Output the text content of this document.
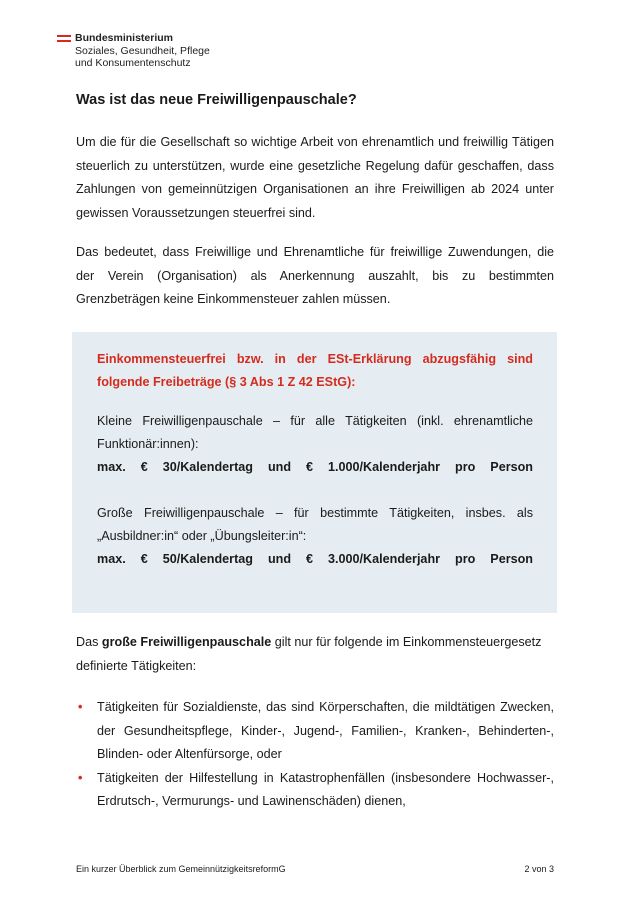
Bundesministerium
Soziales, Gesundheit, Pflege
und Konsumentenschutz
Was ist das neue Freiwilligenpauschale?

Um die für die Gesellschaft so wichtige Arbeit von ehrenamtlich und freiwillig Tätigen steuerlich zu unterstützen, wurde eine gesetzliche Regelung dafür geschaffen, dass Zahlungen von gemeinnützigen Organisationen an ihre Freiwilligen ab 2024 unter gewissen Voraussetzungen steuerfrei sind.

Das bedeutet, dass Freiwillige und Ehrenamtliche für freiwillige Zuwendungen, die der Verein (Organisation) als Anerkennung auszahlt, bis zu bestimmten Grenzbeträgen keine Einkommensteuer zahlen müssen.

Einkommensteuerfrei bzw. in der ESt-Erklärung abzugsfähig sind folgende Freibeträge (§ 3 Abs 1 Z 42 EStG):

Kleine Freiwilligenpauschale – für alle Tätigkeiten (inkl. ehrenamtliche Funktionär:innen):

max. € 30/Kalendertag und € 1.000/Kalenderjahr pro Person

Große Freiwilligenpauschale – für bestimmte Tätigkeiten, insbes. als „Ausbildner:in“ oder „Übungsleiter:in“:

max. € 50/Kalendertag und € 3.000/Kalenderjahr pro Person

Das große Freiwilligenpauschale gilt nur für folgende im Einkommensteuergesetz definierte Tätigkeiten:

• Tätigkeiten für Sozialdienste, das sind Körperschaften, die mildtätigen Zwecken, der Gesundheitspflege, Kinder-, Jugend-, Familien-, Kranken-, Behinderten-, Blinden- oder Altenfürsorge, oder
• Tätigkeiten der Hilfestellung in Katastrophenfällen (insbesondere Hochwasser-, Erdrutsch-, Vermurungs- und Lawinenschäden) dienen,
Ein kurzer Überblick zum GemeinnützigkeitsreformG	2 von 3
